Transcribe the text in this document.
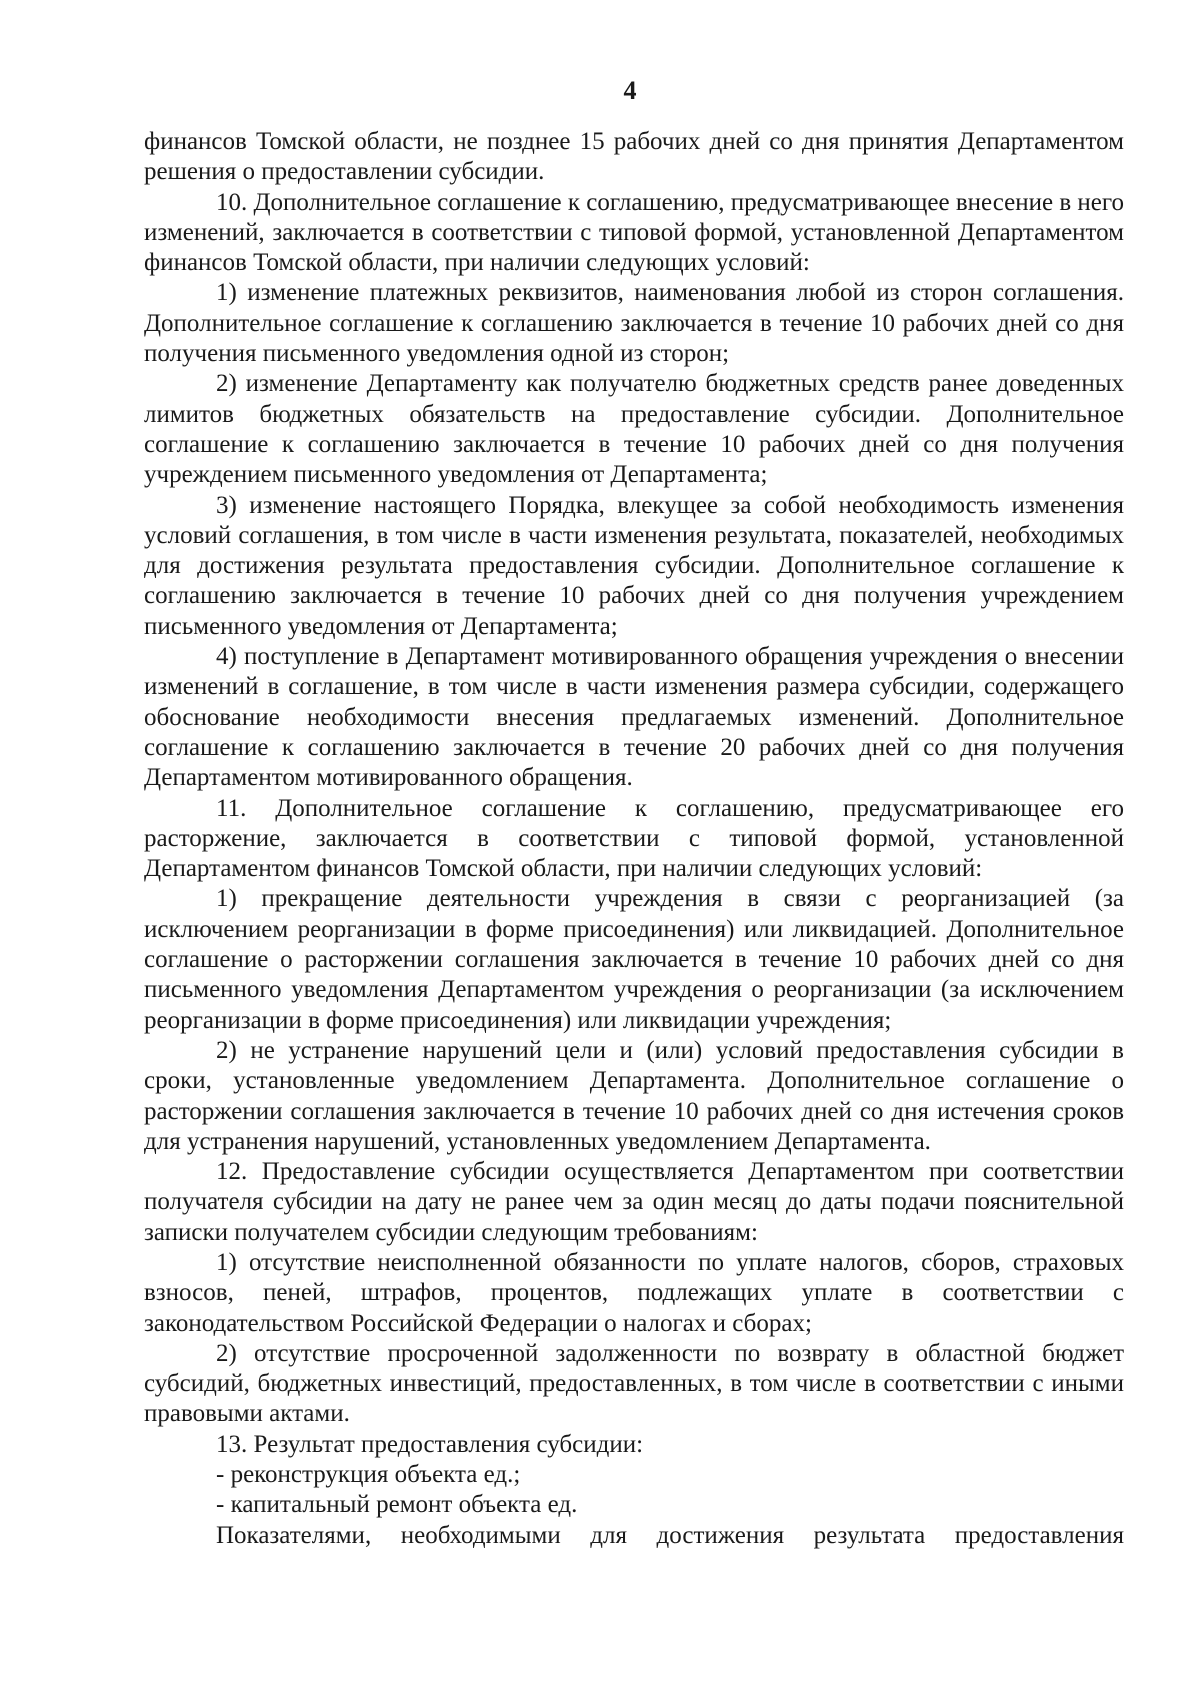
4

финансов Томской области, не позднее 15 рабочих дней со дня принятия Департаментом решения о предоставлении субсидии.

10. Дополнительное соглашение к соглашению, предусматривающее внесение в него изменений, заключается в соответствии с типовой формой, установленной Департаментом финансов Томской области, при наличии следующих условий:

1) изменение платежных реквизитов, наименования любой из сторон соглашения. Дополнительное соглашение к соглашению заключается в течение 10 рабочих дней со дня получения письменного уведомления одной из сторон;

2) изменение Департаменту как получателю бюджетных средств ранее доведенных лимитов бюджетных обязательств на предоставление субсидии. Дополнительное соглашение к соглашению заключается в течение 10 рабочих дней со дня получения учреждением письменного уведомления от Департамента;

3) изменение настоящего Порядка, влекущее за собой необходимость изменения условий соглашения, в том числе в части изменения результата, показателей, необходимых для достижения результата предоставления субсидии. Дополнительное соглашение к соглашению заключается в течение 10 рабочих дней со дня получения учреждением письменного уведомления от Департамента;

4) поступление в Департамент мотивированного обращения учреждения о внесении изменений в соглашение, в том числе в части изменения размера субсидии, содержащего обоснование необходимости внесения предлагаемых изменений. Дополнительное соглашение к соглашению заключается в течение 20 рабочих дней со дня получения Департаментом мотивированного обращения.

11. Дополнительное соглашение к соглашению, предусматривающее его расторжение, заключается в соответствии с типовой формой, установленной Департаментом финансов Томской области, при наличии следующих условий:

1) прекращение деятельности учреждения в связи с реорганизацией (за исключением реорганизации в форме присоединения) или ликвидацией. Дополнительное соглашение о расторжении соглашения заключается в течение 10 рабочих дней со дня письменного уведомления Департаментом учреждения о реорганизации (за исключением реорганизации в форме присоединения) или ликвидации учреждения;

2) не устранение нарушений цели и (или) условий предоставления субсидии в сроки, установленные уведомлением Департамента. Дополнительное соглашение о расторжении соглашения заключается в течение 10 рабочих дней со дня истечения сроков для устранения нарушений, установленных уведомлением Департамента.

12. Предоставление субсидии осуществляется Департаментом при соответствии получателя субсидии на дату не ранее чем за один месяц до даты подачи пояснительной записки получателем субсидии следующим требованиям:

1) отсутствие неисполненной обязанности по уплате налогов, сборов, страховых взносов, пеней, штрафов, процентов, подлежащих уплате в соответствии с законодательством Российской Федерации о налогах и сборах;

2) отсутствие просроченной задолженности по возврату в областной бюджет субсидий, бюджетных инвестиций, предоставленных, в том числе в соответствии с иными правовыми актами.

13. Результат предоставления субсидии:

- реконструкция объекта ед.;

- капитальный ремонт объекта ед.

Показателями, необходимыми для достижения результата предоставления
